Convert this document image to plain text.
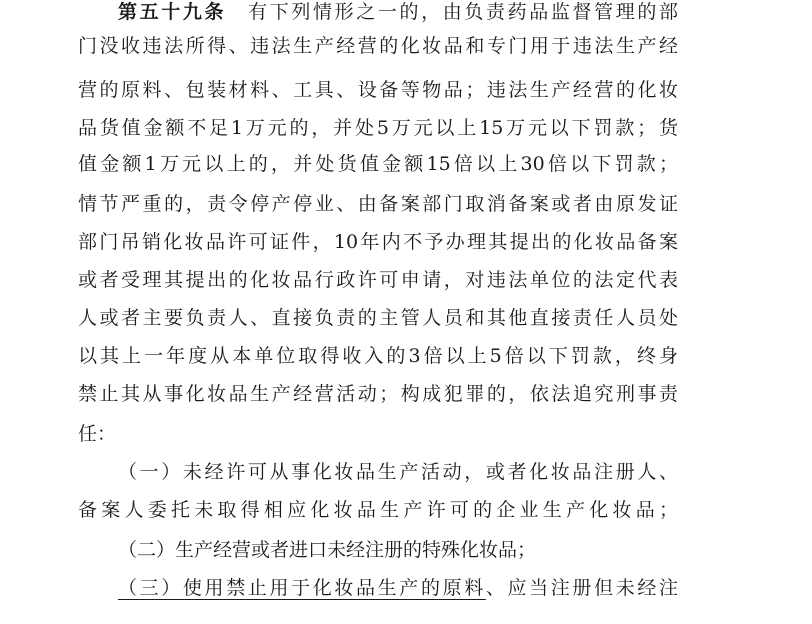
第五十九条 有下列情形之一的，由负责药品监督管理的部
门没收违法所得、违法生产经营的化妆品和专门用于违法生产经
营的原料、包装材料、工具、设备等物品；违法生产经营的化妆
品货值金额不足1万元的，并处5万元以上15万元以下罚款；货
值金额1万元以上的，并处货值金额15倍以上30倍以下罚款；
情节严重的，责令停产停业、由备案部门取消备案或者由原发证
部门吊销化妆品许可证件，10年内不予办理其提出的化妆品备案
或者受理其提出的化妆品行政许可申请，对违法单位的法定代表
人或者主要负责人、直接负责的主管人员和其他直接责任人员处
以其上一年度从本单位取得收入的3倍以上5倍以下罚款，终身
禁止其从事化妆品生产经营活动；构成犯罪的，依法追究刑事责
任：
（一）未经许可从事化妆品生产活动，或者化妆品注册人、
备案人委托未取得相应化妆品生产许可的企业生产化妆品；
（二）生产经营或者进口未经注册的特殊化妆品；
（三）使用禁止用于化妆品生产的原料、应当注册但未经注
